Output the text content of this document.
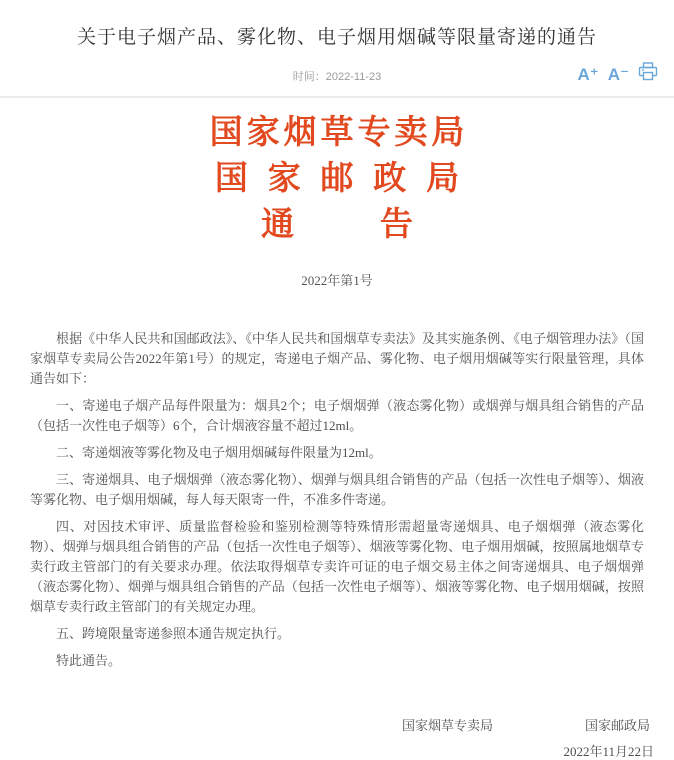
关于电子烟产品、雾化物、电子烟用烟碱等限量寄递的通告
时间：2022-11-23	A⁺ A⁻
国家烟草专卖局
国家邮政局
通告
2022年第1号

根据《中华人民共和国邮政法》、《中华人民共和国烟草专卖法》及其实施条例、《电子烟管理办法》（国家烟草专卖局公告2022年第1号）的规定，寄递电子烟产品、雾化物、电子烟用烟碱等实行限量管理，具体通告如下：

一、寄递电子烟产品每件限量为：烟具2个；电子烟烟弹（液态雾化物）或烟弹与烟具组合销售的产品（包括一次性电子烟等）6个，合计烟液容量不超过12ml。

二、寄递烟液等雾化物及电子烟用烟碱每件限量为12ml。

三、寄递烟具、电子烟烟弹（液态雾化物）、烟弹与烟具组合销售的产品（包括一次性电子烟等）、烟液等雾化物、电子烟用烟碱，每人每天限寄一件，不准多件寄递。

四、对因技术审评、质量监督检验和鉴别检测等特殊情形需超量寄递烟具、电子烟烟弹（液态雾化物）、烟弹与烟具组合销售的产品（包括一次性电子烟等）、烟液等雾化物、电子烟用烟碱，按照属地烟草专卖行政主管部门的有关要求办理。依法取得烟草专卖许可证的电子烟交易主体之间寄递烟具、电子烟烟弹（液态雾化物）、烟弹与烟具组合销售的产品（包括一次性电子烟等）、烟液等雾化物、电子烟用烟碱，按照烟草专卖行政主管部门的有关规定办理。

五、跨境限量寄递参照本通告规定执行。

特此通告。

国家烟草专卖局	国家邮政局
2022年11月22日
